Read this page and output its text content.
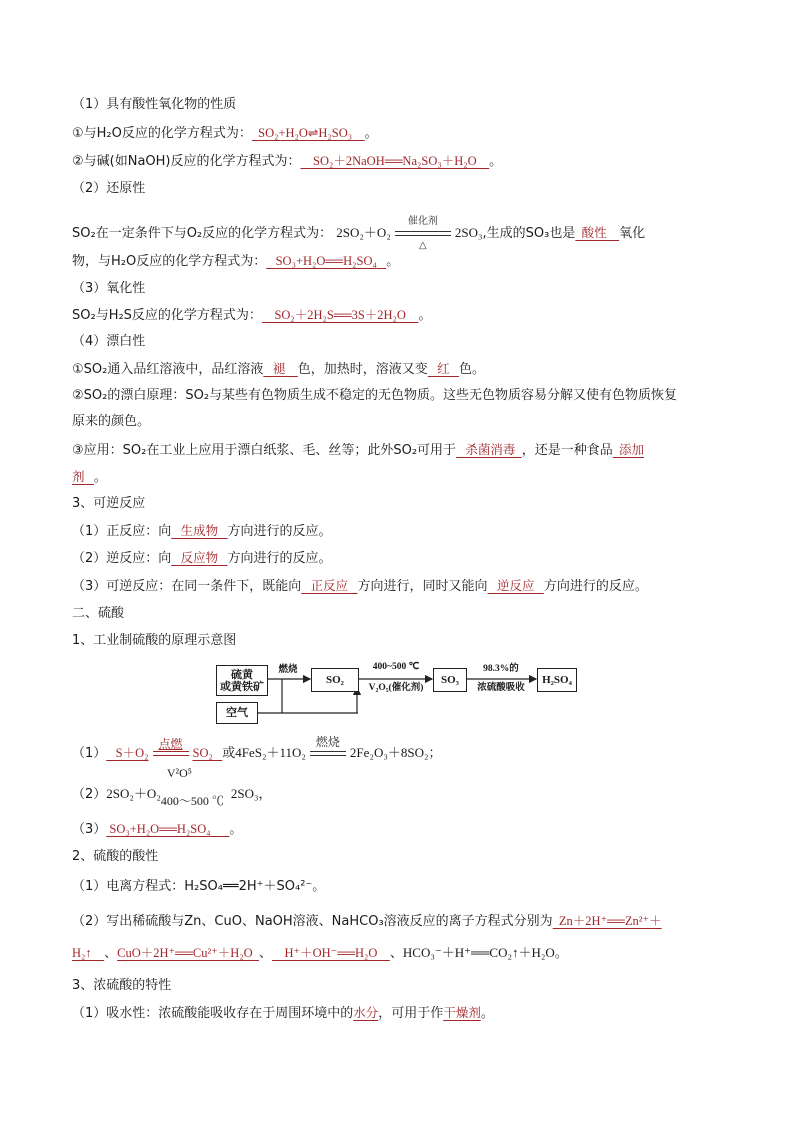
（1）具有酸性氧化物的性质
①与H₂O反应的化学方程式为： SO₂+H₂O⇌H₂SO₃ 。
②与碱(如NaOH)反应的化学方程式为： SO₂＋2NaOH══Na₂SO₃＋H₂O 。
（2）还原性
SO₂在一定条件下与O₂反应的化学方程式为： 2SO₂＋O₂
催化剂
△
2SO₃,生成的SO₃也是 酸性 氧化
物，与H₂O反应的化学方程式为： SO₃+H₂O══H₂SO₄ 。
（3）氧化性
SO₂与H₂S反应的化学方程式为： SO₂＋2H₂S══3S＋2H₂O 。
（4）漂白性
①SO₂通入品红溶液中，品红溶液 褪 色，加热时，溶液又变 红 色。
②SO₂的漂白原理：SO₂与某些有色物质生成不稳定的无色物质。这些无色物质容易分解又使有色物质恢复
原来的颜色。
③应用：SO₂在工业上应用于漂白纸浆、毛、丝等；此外SO₂可用于 杀菌消毒 ，还是一种食品 添加
剂 。
3、可逆反应
（1）正反应：向 生成物 方向进行的反应。
（2）逆反应：向 反应物 方向进行的反应。
（3）可逆反应：在同一条件下，既能向 正反应 方向进行，同时又能向 逆反应 方向进行的反应。
二、硫酸
1、工业制硫酸的原理示意图
硫黄
或黄铁矿
空气
SO₂	SO₃	H₂SO₄
燃烧	400~500 ℃
V₂O₅(催化剂)
98.3%的
浓硫酸吸收
（1） S＋O₂
点燃
SO₂ 或4FeS₂＋11O₂
燃烧
2Fe₂O₃＋8SO₂；
（2）2SO₂＋O₂
V²O⁵
400～500 ℃ 2SO₃，
（3） SO₃+H₂O══H₂SO₄ 。
2、硫酸的酸性
（1）电离方程式：H₂SO₄══2H⁺＋SO₄²⁻。
（2）写出稀硫酸与Zn、CuO、NaOH溶液、NaHCO₃溶液反应的离子方程式分别为 Zn＋2H⁺══Zn²⁺＋
H₂↑ 、CuO＋2H⁺══Cu²⁺＋H₂O 、 H⁺＋OH⁻══H₂O 、HCO₃⁻＋H⁺══CO₂↑＋H₂O。
3、浓硫酸的特性
（1）吸水性：浓硫酸能吸收存在于周围环境中的水分，可用于作干燥剂。
